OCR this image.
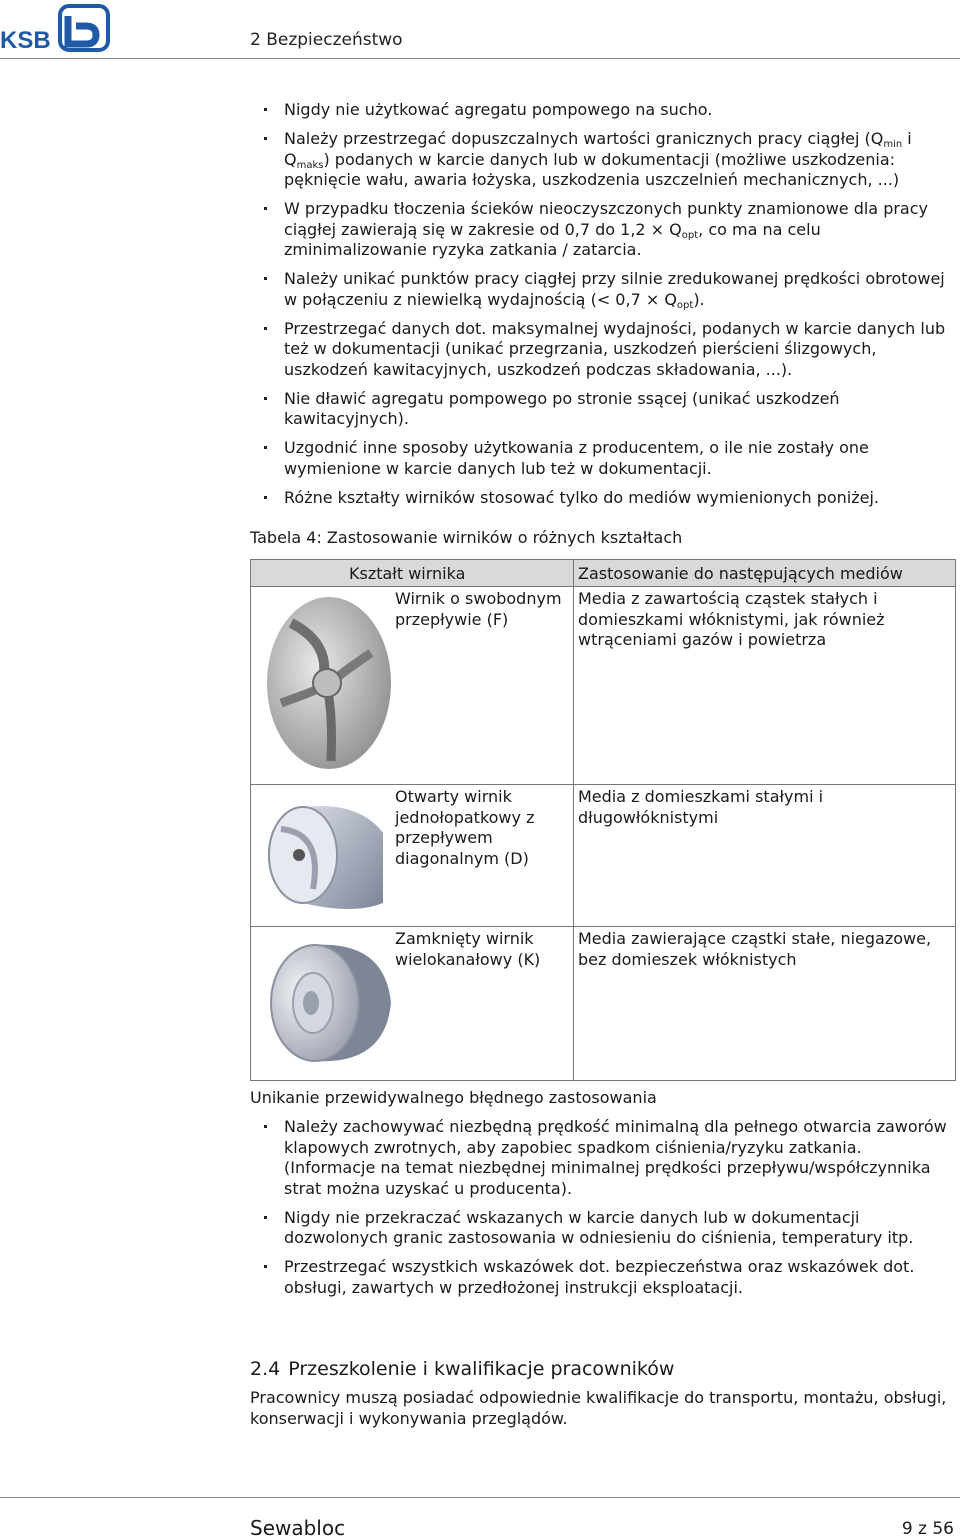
KSB	2 Bezpieczeństwo
Nigdy nie użytkować agregatu pompowego na sucho.
Należy przestrzegać dopuszczalnych wartości granicznych pracy ciągłej ($Q_{min}$ i $Q_{maks}$) podanych w karcie danych lub w dokumentacji (możliwe uszkodzenia: pęknięcie wału, awaria łożyska, uszkodzenia uszczelnień mechanicznych, ...)
W przypadku tłoczenia ścieków nieoczyszczonych punkty znamionowe dla pracy ciągłej zawierają się w zakresie od 0,7 do $1,2 \times Q_{opt}$, co ma na celu zminimalizowanie ryzyka zatkania / zatarcia.
Należy unikać punktów pracy ciągłej przy silnie zredukowanej prędkości obrotowej w połączeniu z niewielką wydajnością (< $0,7 \times Q_{opt}$).
Przestrzegać danych dot. maksymalnej wydajności, podanych w karcie danych lub też w dokumentacji (unikać przegrzania, uszkodzeń pierścieni ślizgowych, uszkodzeń kawitacyjnych, uszkodzeń podczas składowania, ...).
Nie dławić agregatu pompowego po stronie ssącej (unikać uszkodzeń kawitacyjnych).
Uzgodnić inne sposoby użytkowania z producentem, o ile nie zostały one wymienione w karcie danych lub też w dokumentacji.
Różne kształty wirników stosować tylko do mediów wymienionych poniżej.
Tabela 4: Zastosowanie wirników o różnych kształtach
Kształt wirnika		Zastosowanie do następujących mediów

	Wirnik o swobodnym przepływie (F)	Media z zawartością cząstek stałych i domieszkami włóknistymi, jak również wtrąceniami gazów i powietrza

	Otwarty wirnik jednołopatkowy z przepływem diagonalnym (D)	Media z domieszkami stałymi i długowłóknistymi

	Zamknięty wirnik wielokanałowy (K)	Media zawierające cząstki stałe, niegazowe, bez domieszek włóknistych
Unikanie przewidywalnego błędnego zastosowania
Należy zachowywać niezbędną prędkość minimalną dla pełnego otwarcia zaworów klapowych zwrotnych, aby zapobiec spadkom ciśnienia/ryzyku zatkania.
(Informacje na temat niezbędnej minimalnej prędkości przepływu/współczynnika strat można uzyskać u producenta).
Nigdy nie przekraczać wskazanych w karcie danych lub w dokumentacji dozwolonych granic zastosowania w odniesieniu do ciśnienia, temperatury itp.
Przestrzegać wszystkich wskazówek dot. bezpieczeństwa oraz wskazówek dot. obsługi, zawartych w przedłożonej instrukcji eksploatacji.
2.4 Przeszkolenie i kwalifikacje pracowników
Pracownicy muszą posiadać odpowiednie kwalifikacje do transportu, montażu, obsługi, konserwacji i wykonywania przeglądów.
Sewabloc	9 z 56
